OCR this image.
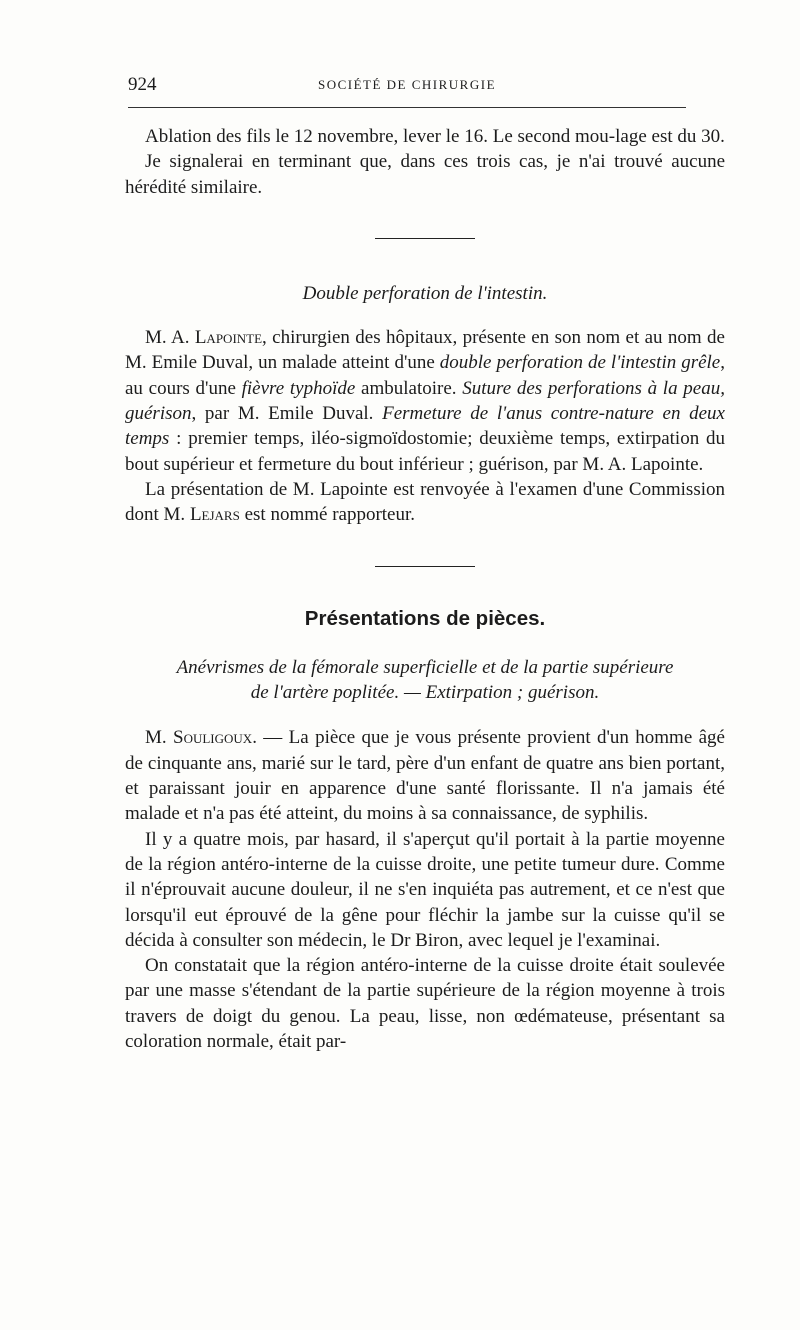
924	SOCIÉTÉ DE CHIRURGIE

Ablation des fils le 12 novembre, lever le 16. Le second mou-lage est du 30.

Je signalerai en terminant que, dans ces trois cas, je n'ai trouvé aucune hérédité similaire.

Double perforation de l'intestin.

M. A. Lapointe, chirurgien des hôpitaux, présente en son nom et au nom de M. Emile Duval, un malade atteint d'une double perforation de l'intestin grêle, au cours d'une fièvre typhoïde ambulatoire. Suture des perforations à la peau, guérison, par M. Emile Duval. Fermeture de l'anus contre-nature en deux temps : premier temps, iléo-sigmoïdostomie; deuxième temps, extirpation du bout supérieur et fermeture du bout inférieur ; guérison, par M. A. Lapointe.

La présentation de M. Lapointe est renvoyée à l'examen d'une Commission dont M. Lejars est nommé rapporteur.

Présentations de pièces.

Anévrismes de la fémorale superficielle et de la partie supérieure

de l'artère poplitée. — Extirpation ; guérison.

M. Souligoux. — La pièce que je vous présente provient d'un homme âgé de cinquante ans, marié sur le tard, père d'un enfant de quatre ans bien portant, et paraissant jouir en apparence d'une santé florissante. Il n'a jamais été malade et n'a pas été atteint, du moins à sa connaissance, de syphilis.

Il y a quatre mois, par hasard, il s'aperçut qu'il portait à la partie moyenne de la région antéro-interne de la cuisse droite, une petite tumeur dure. Comme il n'éprouvait aucune douleur, il ne s'en inquiéta pas autrement, et ce n'est que lorsqu'il eut éprouvé de la gêne pour fléchir la jambe sur la cuisse qu'il se décida à consulter son médecin, le Dr Biron, avec lequel je l'examinai.

On constatait que la région antéro-interne de la cuisse droite était soulevée par une masse s'étendant de la partie supérieure de la région moyenne à trois travers de doigt du genou. La peau, lisse, non œdémateuse, présentant sa coloration normale, était par-
